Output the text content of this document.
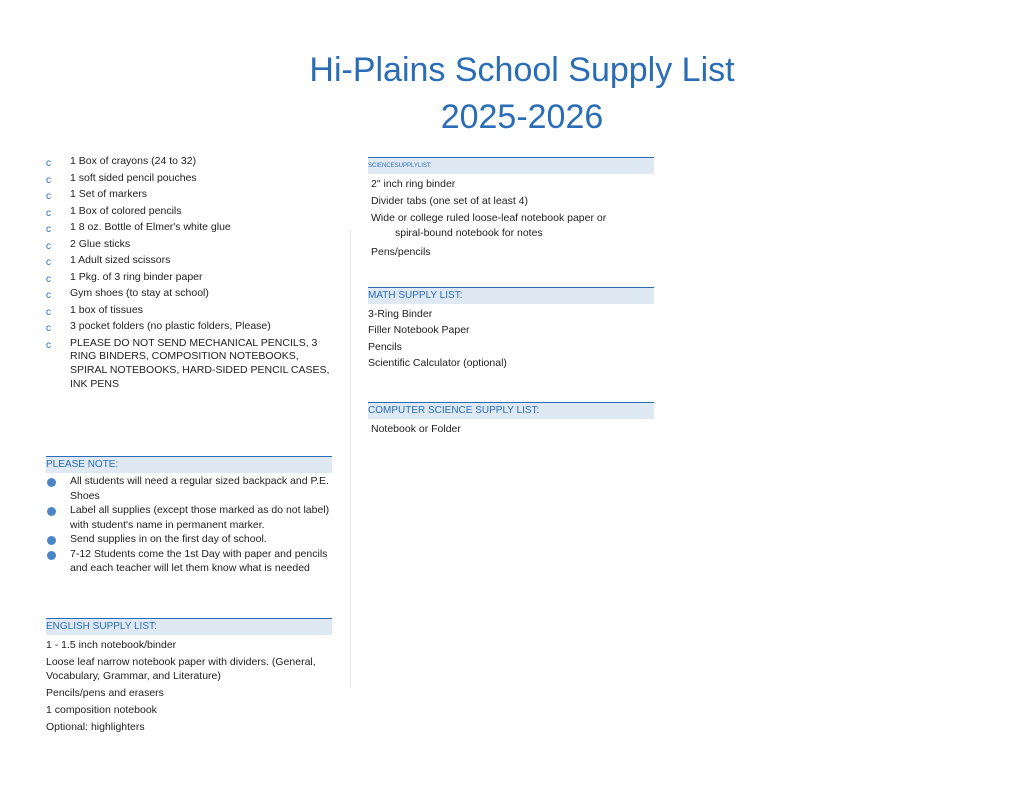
Hi-Plains School Supply List
2025-2026
c 1 Box of crayons (24 to 32)
c 1 soft sided pencil pouches
c 1 Set of markers
c 1 Box of colored pencils
c 1 8 oz. Bottle of Elmer's white glue
c 2 Glue sticks
c 1 Adult sized scissors
c 1 Pkg. of 3 ring binder paper
c Gym shoes (to stay at school)
c 1 box of tissues
c 3 pocket folders (no plastic folders, Please)
c PLEASE DO NOT SEND MECHANICAL PENCILS, 3 RING BINDERS, COMPOSITION NOTEBOOKS, SPIRAL NOTEBOOKS, HARD-SIDED PENCIL CASES, INK PENS
PLEASE NOTE:
All students will need a regular sized backpack and P.E. Shoes
Label all supplies (except those marked as do not label) with student's name in permanent marker.
Send supplies in on the first day of school.
7-12 Students come the 1st Day with paper and pencils and each teacher will let them know what is needed
ENGLISH SUPPLY LIST:
1 - 1.5 inch notebook/binder
Loose leaf narrow notebook paper with dividers. (General, Vocabulary, Grammar, and Literature)
Pencils/pens and erasers
1 composition notebook
Optional: highlighters
SCIENCESUPPLYLIST:
2" inch ring binder
Divider tabs (one set of at least 4)
Wide or college ruled loose-leaf notebook paper or
spiral-bound notebook for notes
Pens/pencils
MATH SUPPLY LIST:
3-Ring Binder
Filler Notebook Paper
Pencils
Scientific Calculator (optional)
COMPUTER SCIENCE SUPPLY LIST:
Notebook or Folder
